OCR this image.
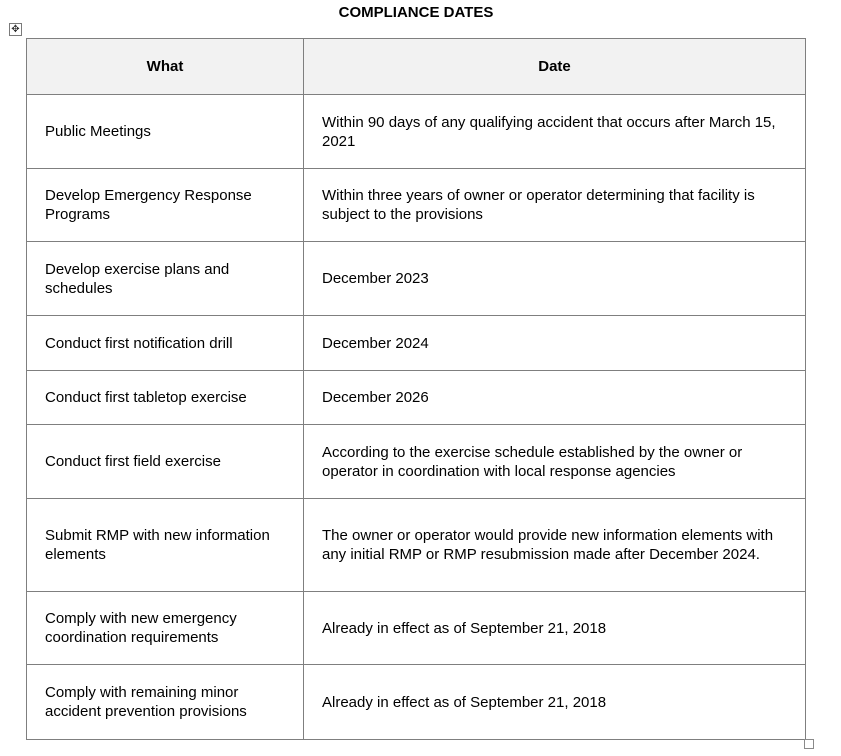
COMPLIANCE DATES
✥
What	Date
Public Meetings	Within 90 days of any qualifying accident that occurs after March 15, 2021
Develop Emergency Response Programs	Within three years of owner or operator determining that facility is subject to the provisions
Develop exercise plans and schedules	December 2023
Conduct first notification drill	December 2024
Conduct first tabletop exercise	December 2026
Conduct first field exercise	According to the exercise schedule established by the owner or operator in coordination with local response agencies
Submit RMP with new information elements	The owner or operator would provide new information elements with any initial RMP or RMP resubmission made after December 2024.
Comply with new emergency coordination requirements	Already in effect as of September 21, 2018
Comply with remaining minor accident prevention provisions	Already in effect as of September 21, 2018
